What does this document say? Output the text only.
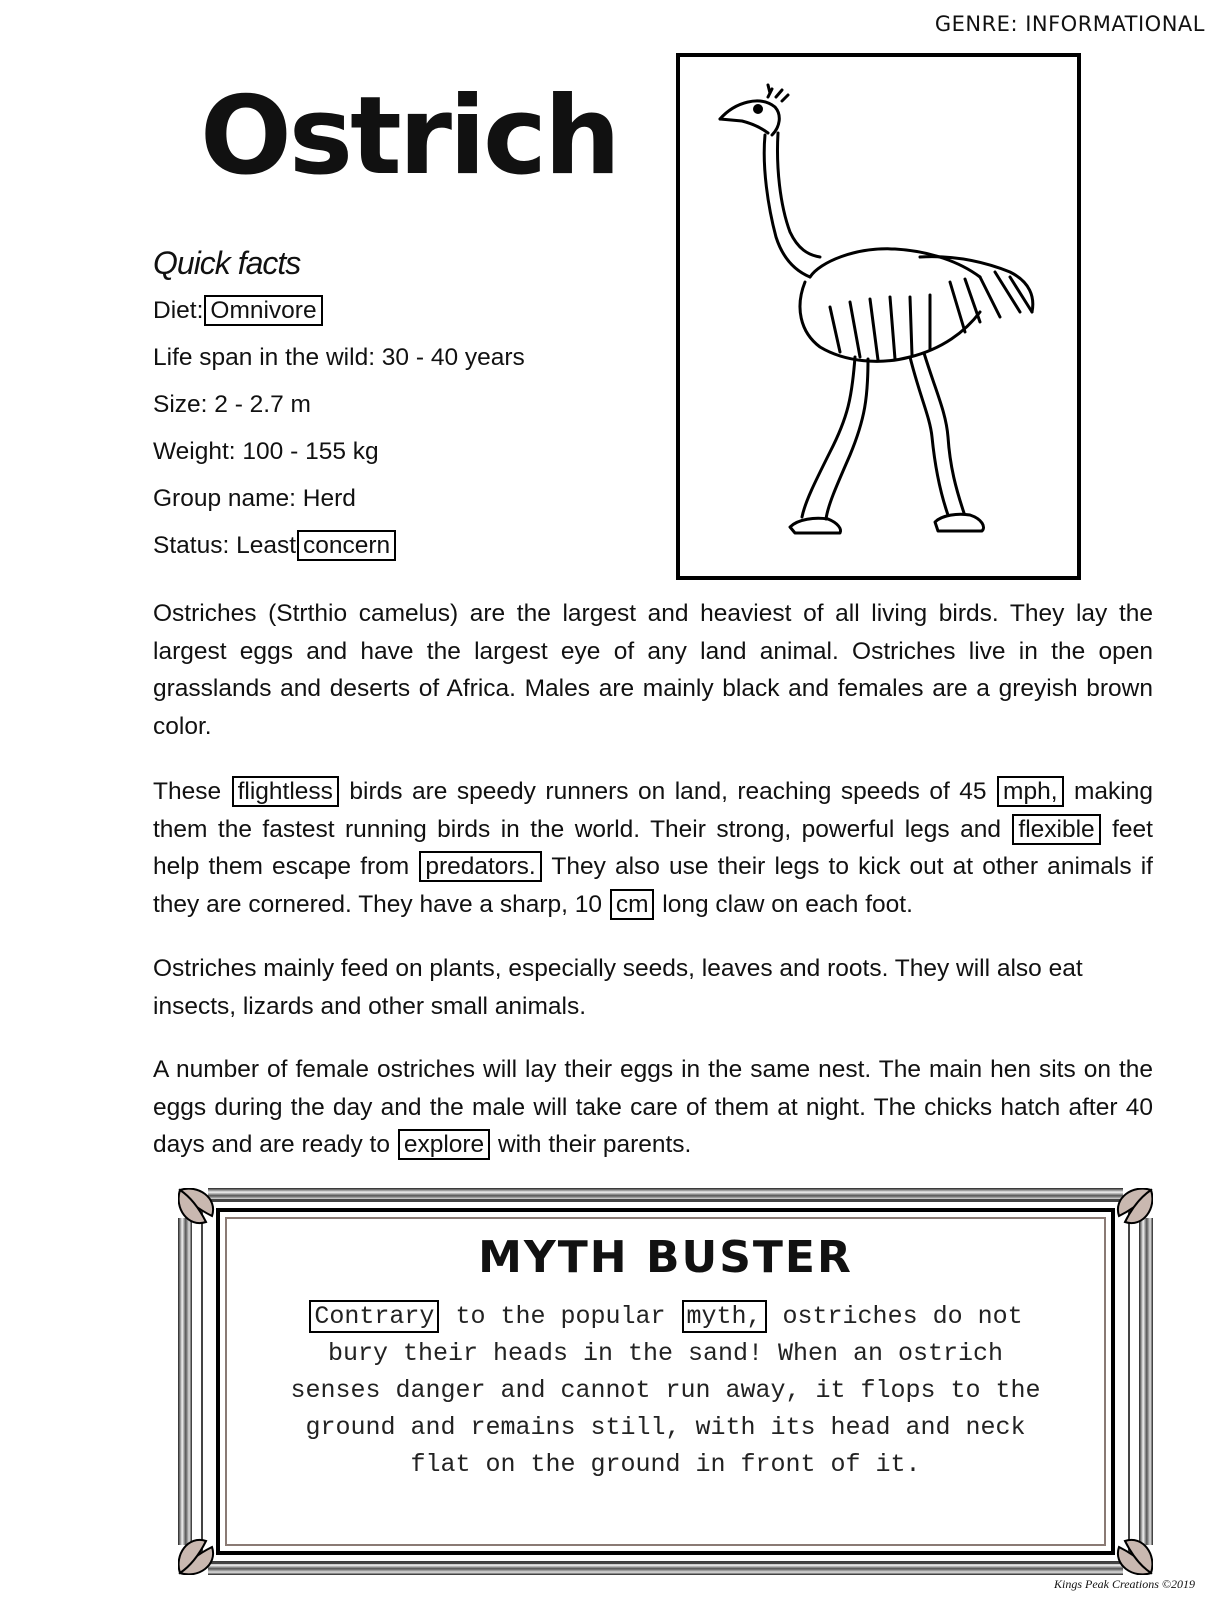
GENRE: INFORMATIONAL
Ostrich
Quick facts
Diet: Omnivore
Life span in the wild: 30 - 40 years
Size: 2 - 2.7 m
Weight: 100 - 155 kg
Group name: Herd
Status: Least concern

Ostriches (Strthio camelus) are the largest and heaviest of all living birds. They lay the largest eggs and have the largest eye of any land animal. Ostriches live in the open grasslands and deserts of Africa. Males are mainly black and females are a greyish brown color.

These flightless birds are speedy runners on land, reaching speeds of 45 mph, making them the fastest running birds in the world. Their strong, powerful legs and flexible feet help them escape from predators. They also use their legs to kick out at other animals if they are cornered. They have a sharp, 10 cm long claw on each foot.

Ostriches mainly feed on plants, especially seeds, leaves and roots. They will also eat insects, lizards and other small animals.

A number of female ostriches will lay their eggs in the same nest. The main hen sits on the eggs during the day and the male will take care of them at night. The chicks hatch after 40 days and are ready to explore with their parents.

MYTH BUSTER

Contrary to the popular myth, ostriches do not bury their heads in the sand! When an ostrich senses danger and cannot run away, it flops to the ground and remains still, with its head and neck flat on the ground in front of it.

Kings Peak Creations ©2019
